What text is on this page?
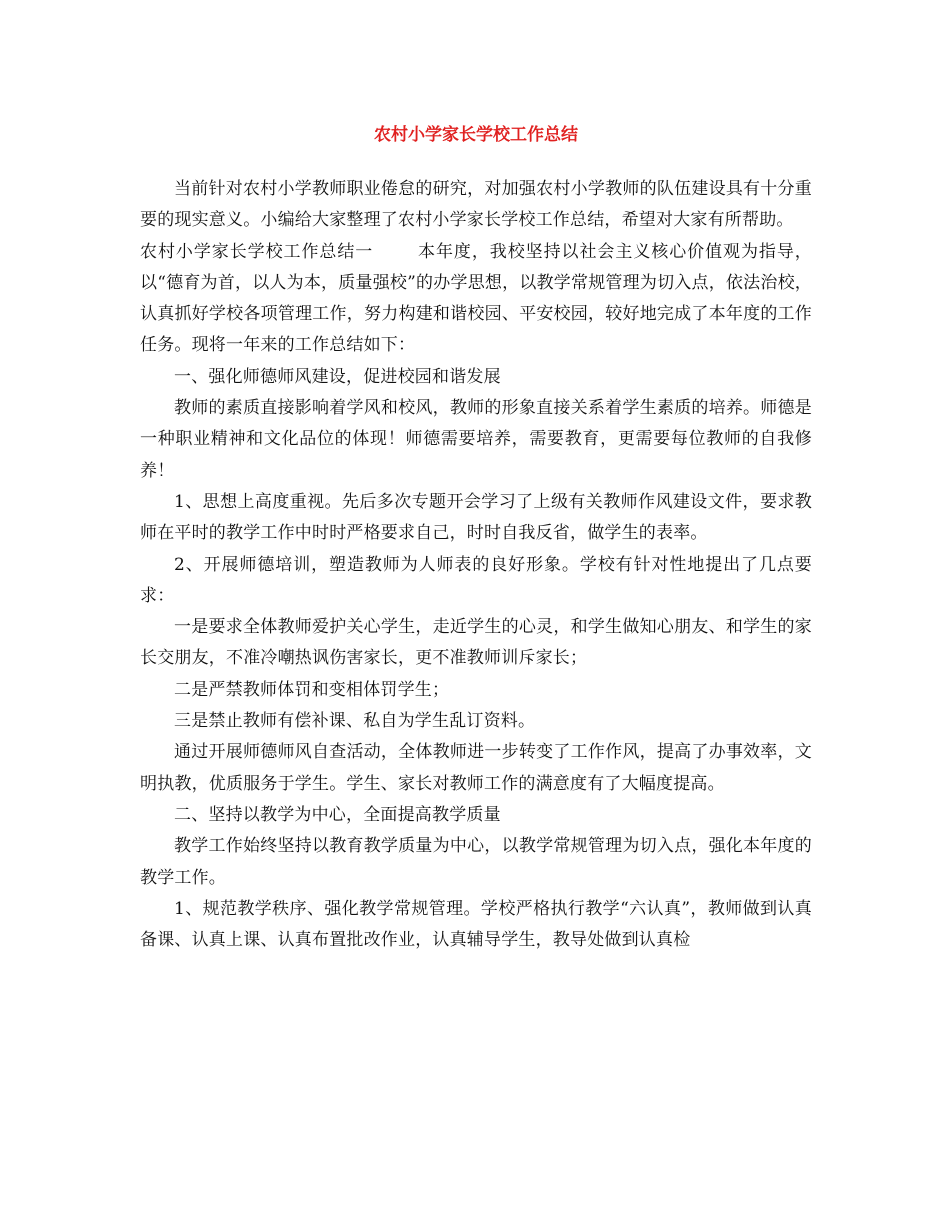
农村小学家长学校工作总结

当前针对农村小学教师职业倦怠的研究，对加强农村小学教师的队伍建设具有十分重要的现实意义。小编给大家整理了农村小学家长学校工作总结，希望对大家有所帮助。

农村小学家长学校工作总结一	本年度，我校坚持以社会主义核心价值观为指导，以“德育为首，以人为本，质量强校”的办学思想，以教学常规管理为切入点，依法治校，认真抓好学校各项管理工作，努力构建和谐校园、平安校园，较好地完成了本年度的工作任务。现将一年来的工作总结如下：

一、强化师德师风建设，促进校园和谐发展

教师的素质直接影响着学风和校风，教师的形象直接关系着学生素质的培养。师德是一种职业精神和文化品位的体现！师德需要培养，需要教育，更需要每位教师的自我修养！

1、思想上高度重视。先后多次专题开会学习了上级有关教师作风建设文件，要求教师在平时的教学工作中时时严格要求自己，时时自我反省，做学生的表率。

2、开展师德培训，塑造教师为人师表的良好形象。学校有针对性地提出了几点要求：

一是要求全体教师爱护关心学生，走近学生的心灵，和学生做知心朋友、和学生的家长交朋友，不准冷嘲热讽伤害家长，更不准教师训斥家长；

二是严禁教师体罚和变相体罚学生；

三是禁止教师有偿补课、私自为学生乱订资料。

通过开展师德师风自查活动，全体教师进一步转变了工作作风，提高了办事效率，文明执教，优质服务于学生。学生、家长对教师工作的满意度有了大幅度提高。

二、坚持以教学为中心，全面提高教学质量

教学工作始终坚持以教育教学质量为中心，以教学常规管理为切入点，强化本年度的教学工作。

1、规范教学秩序、强化教学常规管理。学校严格执行教学“六认真”，教师做到认真备课、认真上课、认真布置批改作业，认真辅导学生，教导处做到认真检
